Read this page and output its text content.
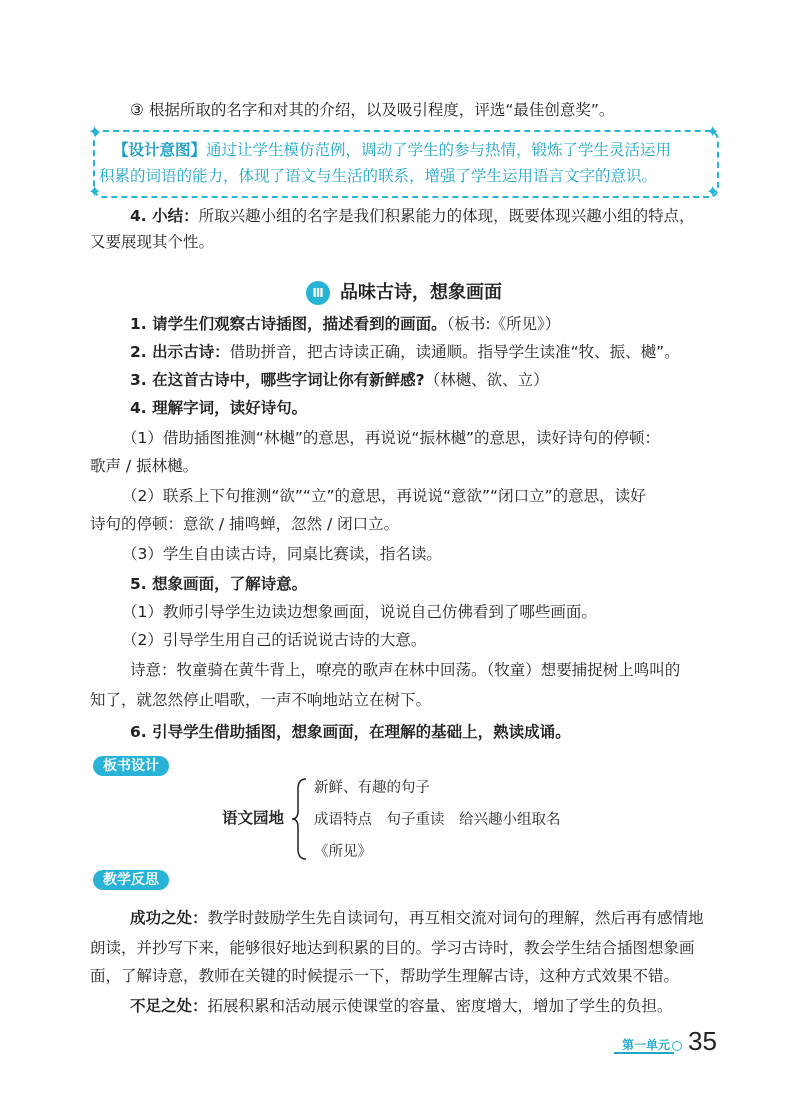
③ 根据所取的名字和对其的介绍，以及吸引程度，评选“最佳创意奖”。
✦	✦
✦	✦
【设计意图】通过让学生模仿范例，调动了学生的参与热情，锻炼了学生灵活运用
积累的词语的能力，体现了语文与生活的联系，增强了学生运用语言文字的意识。
4. 小结：所取兴趣小组的名字是我们积累能力的体现，既要体现兴趣小组的特点，
又要展现其个性。
Ⅲ 品味古诗，想象画面
1. 请学生们观察古诗插图，描述看到的画面。（板书:《所见》）
2. 出示古诗：借助拼音，把古诗读正确，读通顺。指导学生读准“牧、振、樾”。
3. 在这首古诗中，哪些字词让你有新鲜感?（林樾、欲、立）
4. 理解字词，读好诗句。
（1）借助插图推测“林樾”的意思，再说说“振林樾”的意思，读好诗句的停顿：
歌声 / 振林樾。
（2）联系上下句推测“欲”“立”的意思，再说说“意欲”“闭口立”的意思，读好
诗句的停顿：意欲 / 捕鸣蝉，忽然 / 闭口立。
（3）学生自由读古诗，同桌比赛读，指名读。
5. 想象画面，了解诗意。
（1）教师引导学生边读边想象画面，说说自己仿佛看到了哪些画面。
（2）引导学生用自己的话说说古诗的大意。
诗意：牧童骑在黄牛背上，嘹亮的歌声在林中回荡。（牧童）想要捕捉树上鸣叫的
知了，就忽然停止唱歌，一声不响地站立在树下。
6. 引导学生借助插图，想象画面，在理解的基础上，熟读成诵。
板书设计
语文园地
新鲜、有趣的句子
成语特点　句子重读　给兴趣小组取名
《所见》
教学反思
成功之处：教学时鼓励学生先自读词句，再互相交流对词句的理解，然后再有感情地
朗读，并抄写下来，能够很好地达到积累的目的。学习古诗时，教会学生结合插图想象画
面，了解诗意，教师在关键的时候提示一下，帮助学生理解古诗，这种方式效果不错。
不足之处：拓展积累和活动展示使课堂的容量、密度增大，增加了学生的负担。
第一单元 35
